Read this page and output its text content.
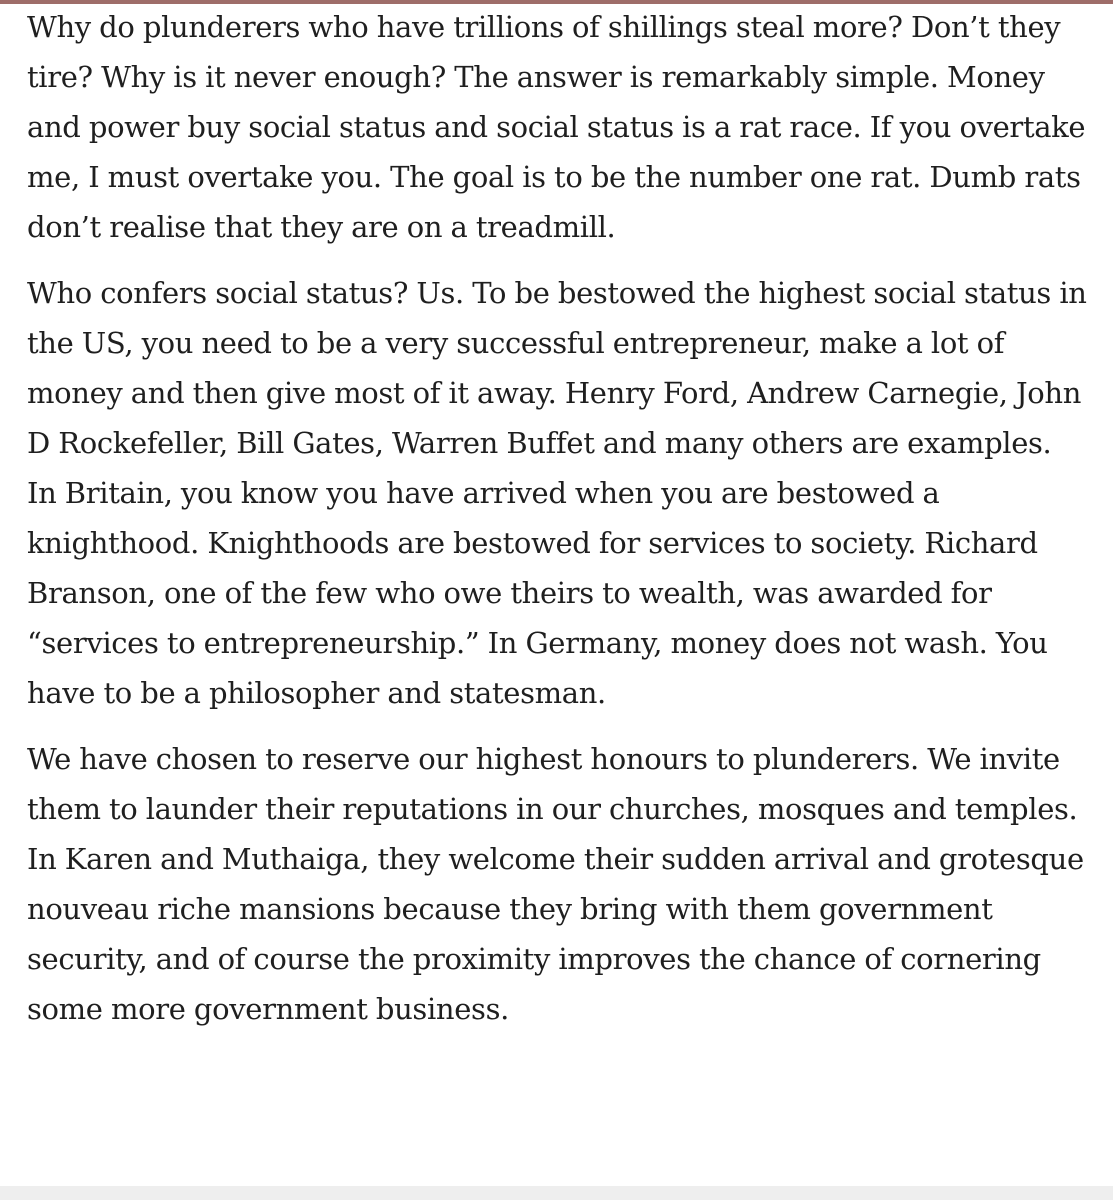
Why do plunderers who have trillions of shillings steal more? Don’t they tire? Why is it never enough? The answer is remarkably simple. Money and power buy social status and social status is a rat race. If you overtake me, I must overtake you. The goal is to be the number one rat. Dumb rats don’t realise that they are on a treadmill.

Who confers social status? Us. To be bestowed the highest social status in the US, you need to be a very successful entrepreneur, make a lot of money and then give most of it away. Henry Ford, Andrew Carnegie, John D Rockefeller, Bill Gates, Warren Buffet and many others are examples.

In Britain, you know you have arrived when you are bestowed a knighthood. Knighthoods are bestowed for services to society. Richard Branson, one of the few who owe theirs to wealth, was awarded for “services to entrepreneurship.” In Germany, money does not wash. You have to be a philosopher and statesman.

We have chosen to reserve our highest honours to plunderers. We invite them to launder their reputations in our churches, mosques and temples. In Karen and Muthaiga, they welcome their sudden arrival and grotesque nouveau riche mansions because they bring with them government security, and of course the proximity improves the chance of cornering some more government business.
